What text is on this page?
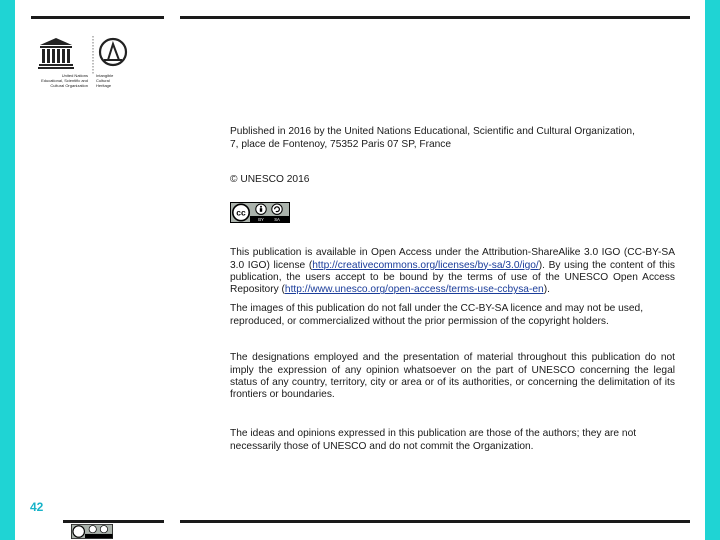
United Nations
Educational, Scientific and
Cultural Organization
Intangible
Cultural
Heritage

Published in 2016 by the United Nations Educational, Scientific and Cultural Organization,
7, place de Fontenoy, 75352 Paris 07 SP, France

© UNESCO 2016

cc
BY SA

This publication is available in Open Access under the Attribution-ShareAlike 3.0 IGO (CC-BY-SA 3.0 IGO) license (http://creativecommons.org/licenses/by-sa/3.0/igo/). By using the content of this publication, the users accept to be bound by the terms of use of the UNESCO Open Access Repository (http://www.unesco.org/open-access/terms-use-ccbysa-en).

The images of this publication do not fall under the CC-BY-SA licence and may not be used, reproduced, or commercialized without the prior permission of the copyright holders.

The designations employed and the presentation of material throughout this publication do not imply the expression of any opinion whatsoever on the part of UNESCO concerning the legal status of any country, territory, city or area or of its authorities, or concerning the delimitation of its frontiers or boundaries.

The ideas and opinions expressed in this publication are those of the authors; they are not necessarily those of UNESCO and do not commit the Organization.

42
